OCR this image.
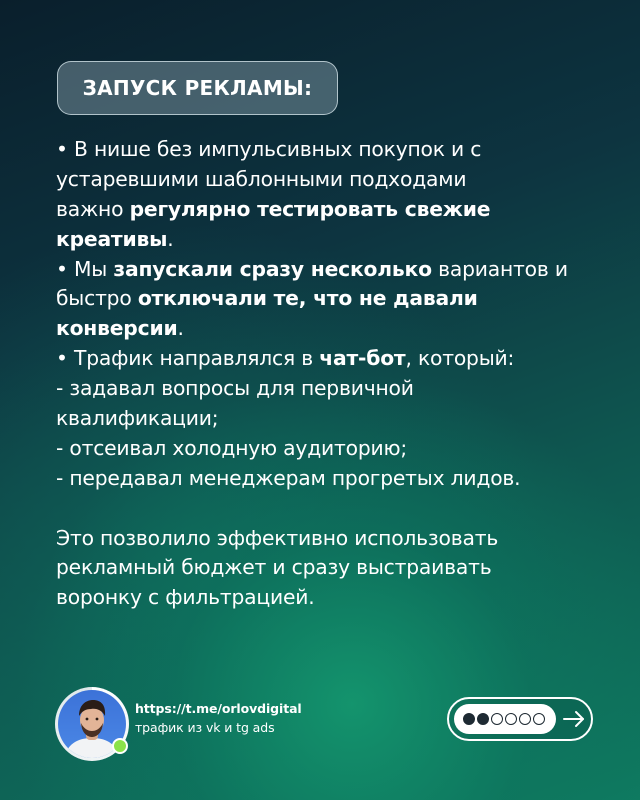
ЗАПУСК РЕКЛАМЫ:
• В нише без импульсивных покупок и с
устаревшими шаблонными подходами
важно регулярно тестировать свежие
креативы.
• Мы запускали сразу несколько вариантов и
быстро отключали те, что не давали
конверсии.
• Трафик направлялся в чат-бот, который:
- задавал вопросы для первичной
квалификации;
- отсеивал холодную аудиторию;
- передавал менеджерам прогретых лидов.
Это позволило эффективно использовать
рекламный бюджет и сразу выстраивать
воронку с фильтрацией.
https://t.me/orlovdigital
трафик из vk и tg ads
